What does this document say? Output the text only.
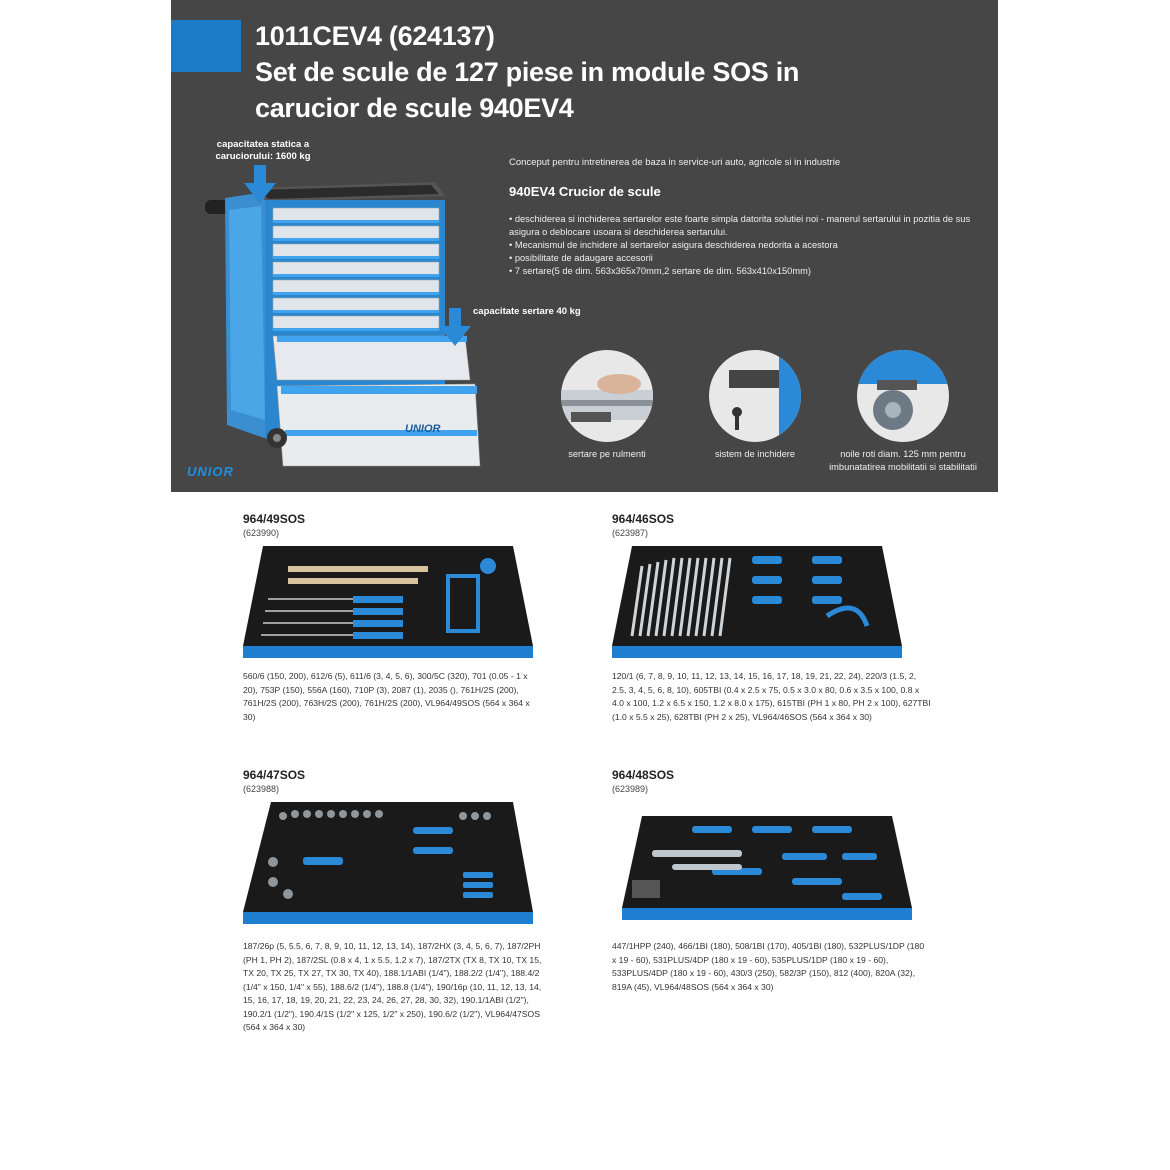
1011CEV4 (624137)
Set de scule de 127 piese in module SOS in
carucior de scule 940EV4
UNIOR
capacitatea statica a caruciorului: 1600 kg
capacitate sertare 40 kg
Conceput pentru intretinerea de baza in service-uri auto, agricole si in industrie
940EV4 Crucior de scule
• deschiderea si inchiderea sertarelor este foarte simpla datorita solutiei noi - manerul sertarului in pozitia de sus asigura o deblocare usoara si deschiderea sertarului.
• Mecanismul de inchidere al sertarelor asigura deschiderea nedorita a acestora
• posibilitate de adaugare accesorii
• 7 sertare(5 de dim. 563x365x70mm,2 sertare de dim. 563x410x150mm)
sertare pe rulmenti	sistem de inchidere	noile roti diam. 125 mm pentru imbunatatirea mobilitatii si stabilitatii
UNIOR
964/49SOS
(623990)
560/6 (150, 200), 612/6 (5), 611/6 (3, 4, 5, 6), 300/5C (320), 701 (0.05 - 1 x 20), 753P (150), 556A (160), 710P (3), 2087 (1), 2035 (), 761H/2S (200), 761H/2S (200), 763H/2S (200), 761H/2S (200), VL964/49SOS (564 x 364 x 30)
964/46SOS
(623987)
120/1 (6, 7, 8, 9, 10, 11, 12, 13, 14, 15, 16, 17, 18, 19, 21, 22, 24), 220/3 (1.5, 2, 2.5, 3, 4, 5, 6, 8, 10), 605TBI (0.4 x 2.5 x 75, 0.5 x 3.0 x 80, 0.6 x 3.5 x 100, 0.8 x 4.0 x 100, 1.2 x 6.5 x 150, 1.2 x 8.0 x 175), 615TBI (PH 1 x 80, PH 2 x 100), 627TBI (1.0 x 5.5 x 25), 628TBI (PH 2 x 25), VL964/46SOS (564 x 364 x 30)
964/47SOS
(623988)
187/26p (5, 5.5, 6, 7, 8, 9, 10, 11, 12, 13, 14), 187/2HX (3, 4, 5, 6, 7), 187/2PH (PH 1, PH 2), 187/2SL (0.8 x 4, 1 x 5.5, 1.2 x 7), 187/2TX (TX 8, TX 10, TX 15, TX 20, TX 25, TX 27, TX 30, TX 40), 188.1/1ABI (1/4"), 188.2/2 (1/4"), 188.4/2 (1/4" x 150, 1/4" x 55), 188.6/2 (1/4"), 188.8 (1/4"), 190/16p (10, 11, 12, 13, 14, 15, 16, 17, 18, 19, 20, 21, 22, 23, 24, 26, 27, 28, 30, 32), 190.1/1ABI (1/2"), 190.2/1 (1/2"), 190.4/1S (1/2" x 125, 1/2" x 250), 190.6/2 (1/2"), VL964/47SOS (564 x 364 x 30)
964/48SOS
(623989)
447/1HPP (240), 466/1BI (180), 508/1BI (170), 405/1BI (180), 532PLUS/1DP (180 x 19 - 60), 531PLUS/4DP (180 x 19 - 60), 535PLUS/1DP (180 x 19 - 60), 533PLUS/4DP (180 x 19 - 60), 430/3 (250), 582/3P (150), 812 (400), 820A (32), 819A (45), VL964/48SOS (564 x 364 x 30)
